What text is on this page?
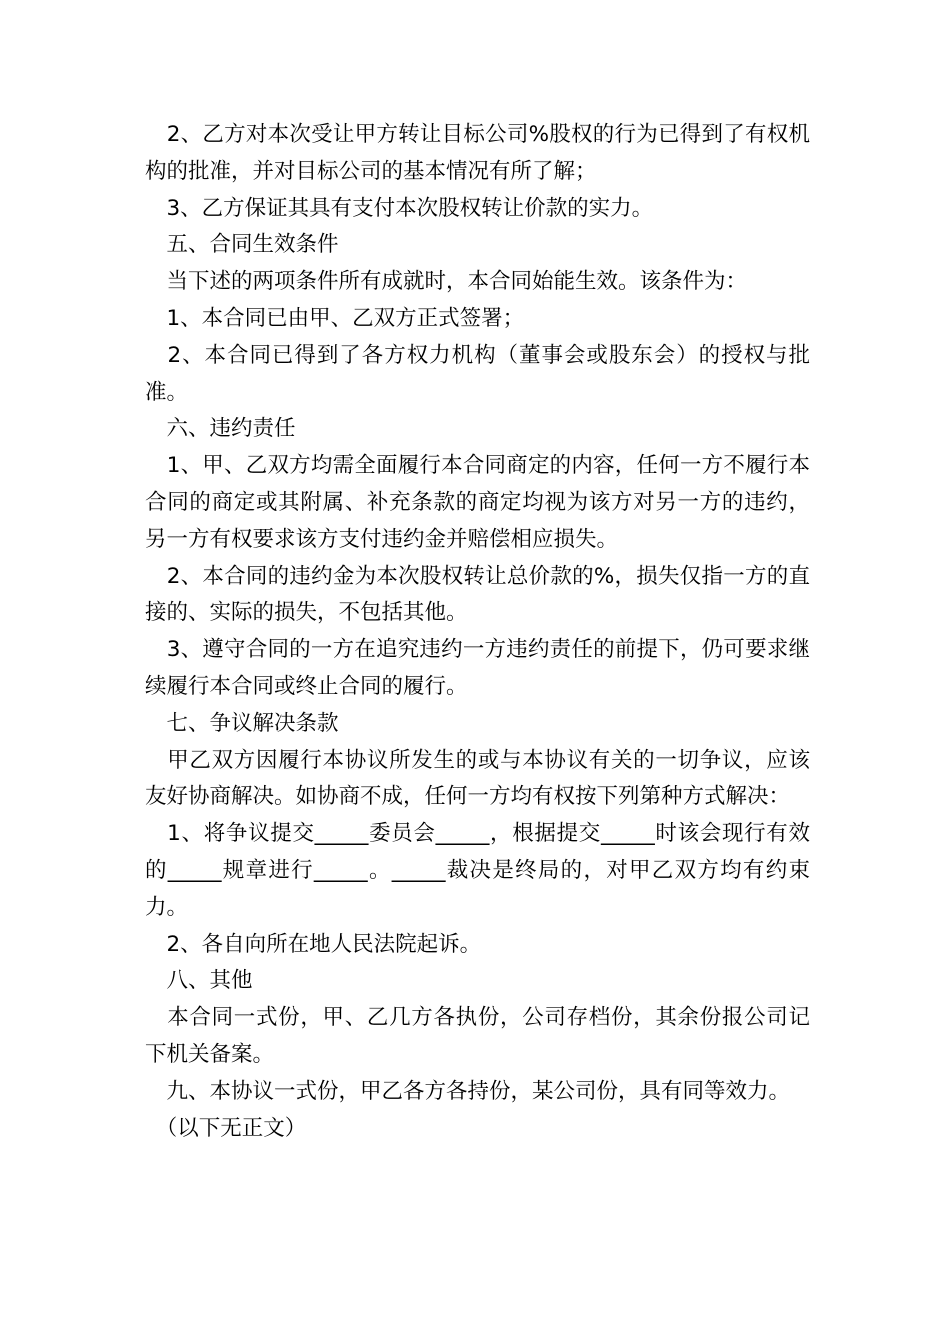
　2、乙方对本次受让甲方转让目标公司%股权的行为已得到了有权机构的批准，并对目标公司的基本情况有所了解；

　3、乙方保证其具有支付本次股权转让价款的实力。

　五、合同生效条件

　当下述的两项条件所有成就时，本合同始能生效。该条件为：

　1、本合同已由甲、乙双方正式签署；

　2、本合同已得到了各方权力机构（董事会或股东会）的授权与批准。

　六、违约责任

　1、甲、乙双方均需全面履行本合同商定的内容，任何一方不履行本合同的商定或其附属、补充条款的商定均视为该方对另一方的违约，另一方有权要求该方支付违约金并赔偿相应损失。

　2、本合同的违约金为本次股权转让总价款的%，损失仅指一方的直接的、实际的损失，不包括其他。

　3、遵守合同的一方在追究违约一方违约责任的前提下，仍可要求继续履行本合同或终止合同的履行。

　七、争议解决条款

　甲乙双方因履行本协议所发生的或与本协议有关的一切争议，应该友好协商解决。如协商不成，任何一方均有权按下列第种方式解决：

　1、将争议提交_____委员会_____，根据提交_____时该会现行有效的_____规章进行_____。_____裁决是终局的，对甲乙双方均有约束力。

　2、各自向所在地人民法院起诉。

　八、其他

　本合同一式份，甲、乙几方各执份，公司存档份，其余份报公司记下机关备案。

　九、本协议一式份，甲乙各方各持份，某公司份，具有同等效力。

　（以下无正文）
